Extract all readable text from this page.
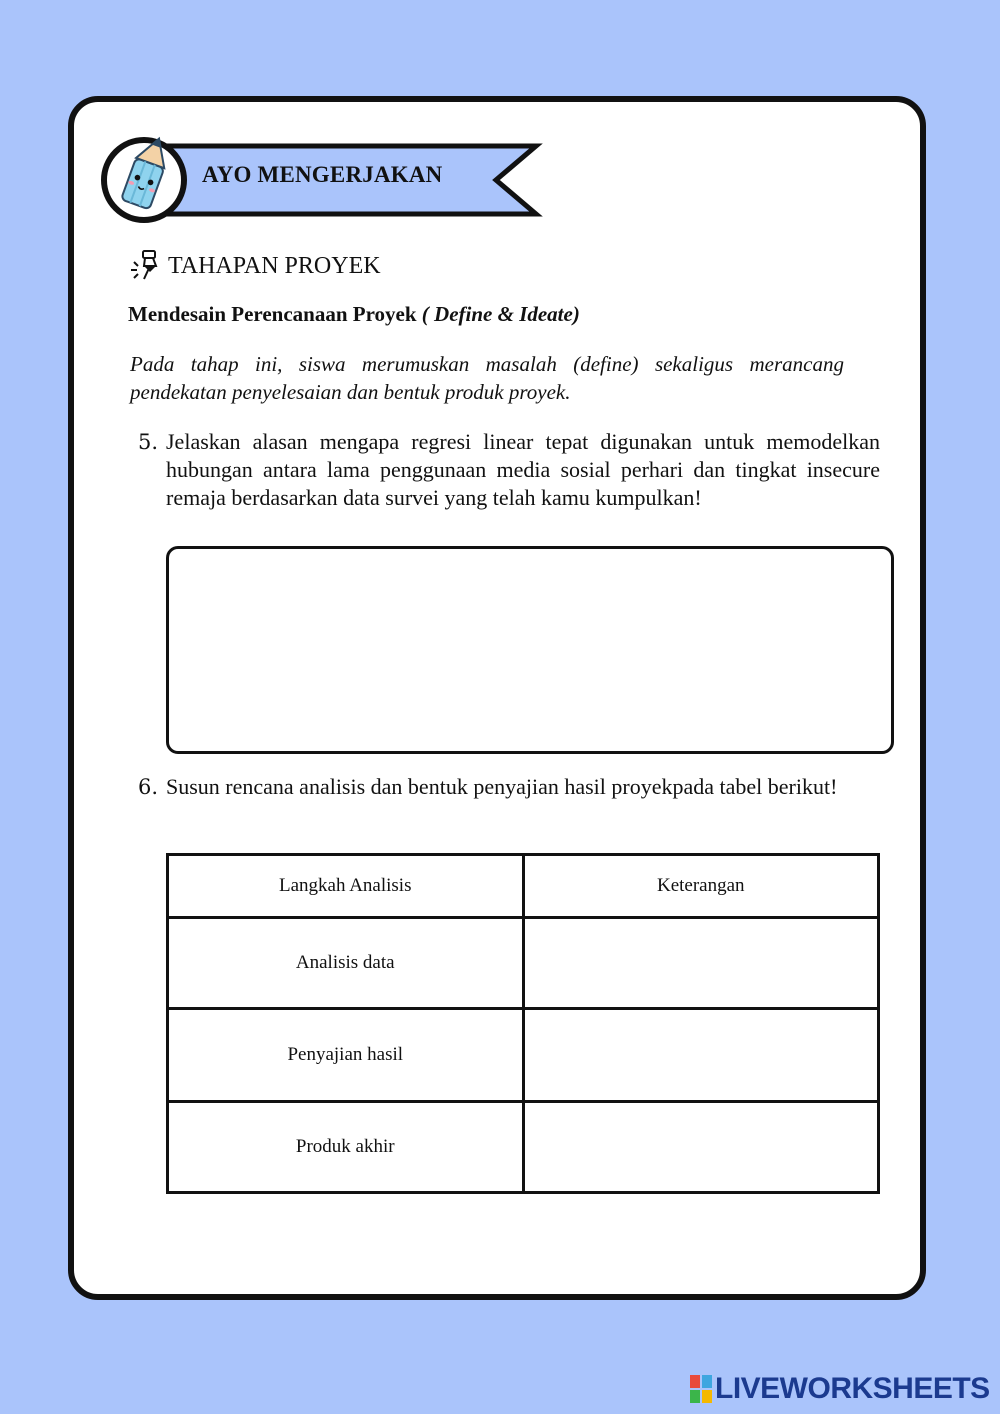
AYO MENGERJAKAN
TAHAPAN PROYEK
Mendesain Perencanaan Proyek ( Define & Ideate)
Pada tahap ini, siswa merumuskan masalah (define) sekaligus merancang pendekatan penyelesaian dan bentuk produk proyek.
5. Jelaskan alasan mengapa regresi linear tepat digunakan untuk memodelkan hubungan antara lama penggunaan media sosial perhari dan tingkat insecure remaja berdasarkan data survei yang telah kamu kumpulkan!
6. Susun rencana analisis dan bentuk penyajian hasil proyekpada tabel berikut!
Langkah Analisis	Keterangan
Analisis data	
Penyajian hasil	
Produk akhir	
LIVEWORKSHEETS
